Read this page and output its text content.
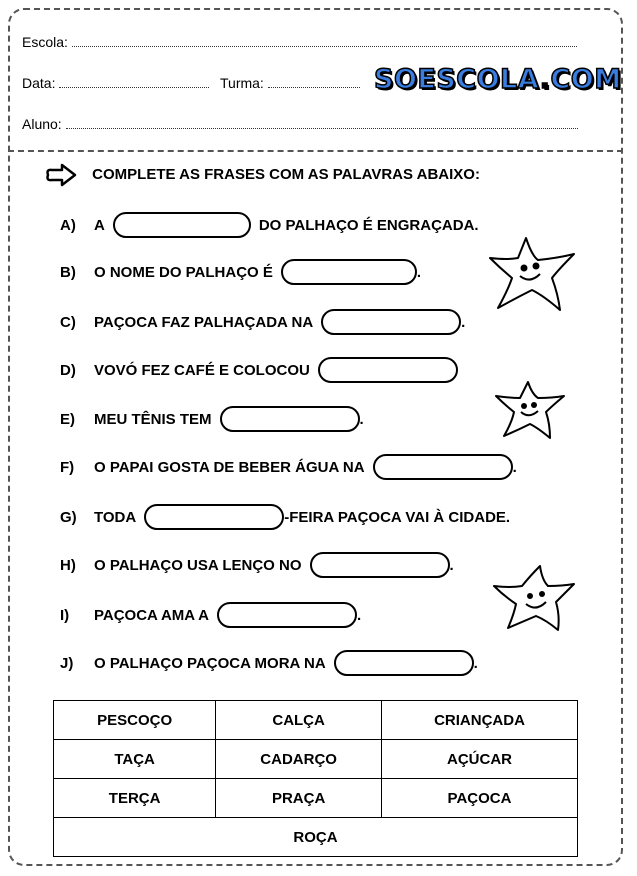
Escola:
Data:	Turma:	SOESCOLA.COM
Aluno:
COMPLETE AS FRASES COM AS PALAVRAS ABAIXO:
A)	A	DO PALHAÇO É ENGRAÇADA.
B)	O NOME DO PALHAÇO É	.
C)	PAÇOCA FAZ PALHAÇADA NA	.
D)	VOVÓ FEZ CAFÉ E COLOCOU
E)	MEU TÊNIS TEM	.
F)	O PAPAI GOSTA DE BEBER ÁGUA NA	.
G)	TODA	-FEIRA PAÇOCA VAI À CIDADE.
H)	O PALHAÇO USA LENÇO NO	.
I)	PAÇOCA AMA A	.
J)	O PALHAÇO PAÇOCA MORA NA	.
PESCOÇO	CALÇA	CRIANÇADA
TAÇA	CADARÇO	AÇÚCAR
TERÇA	PRAÇA	PAÇOCA
ROÇA		
